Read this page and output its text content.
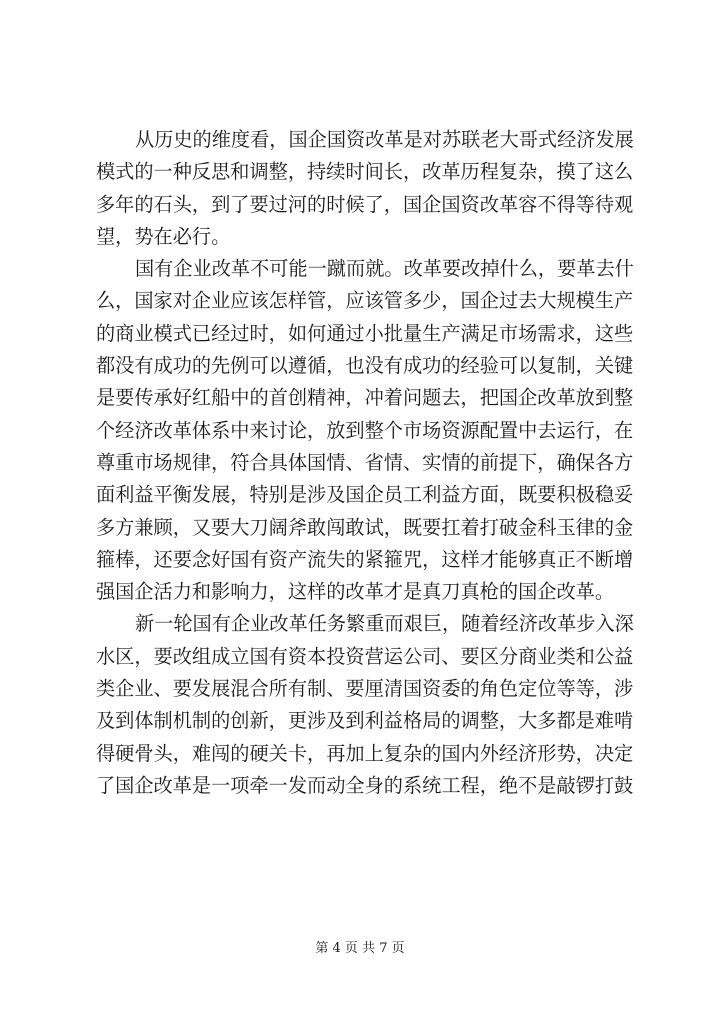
从历史的维度看，国企国资改革是对苏联老大哥式经济发展
模式的一种反思和调整，持续时间长，改革历程复杂，摸了这么
多年的石头，到了要过河的时候了，国企国资改革容不得等待观
望，势在必行。
国有企业改革不可能一蹴而就。改革要改掉什么，要革去什
么，国家对企业应该怎样管，应该管多少，国企过去大规模生产
的商业模式已经过时，如何通过小批量生产满足市场需求，这些
都没有成功的先例可以遵循，也没有成功的经验可以复制，关键
是要传承好红船中的首创精神，冲着问题去，把国企改革放到整
个经济改革体系中来讨论，放到整个市场资源配置中去运行，在
尊重市场规律，符合具体国情、省情、实情的前提下，确保各方
面利益平衡发展，特别是涉及国企员工利益方面，既要积极稳妥
多方兼顾，又要大刀阔斧敢闯敢试，既要扛着打破金科玉律的金
箍棒，还要念好国有资产流失的紧箍咒，这样才能够真正不断增
强国企活力和影响力，这样的改革才是真刀真枪的国企改革。
新一轮国有企业改革任务繁重而艰巨，随着经济改革步入深
水区，要改组成立国有资本投资营运公司、要区分商业类和公益
类企业、要发展混合所有制、要厘清国资委的角色定位等等，涉
及到体制机制的创新，更涉及到利益格局的调整，大多都是难啃
得硬骨头，难闯的硬关卡，再加上复杂的国内外经济形势，决定
了国企改革是一项牵一发而动全身的系统工程，绝不是敲锣打鼓
第 4 页 共 7 页
